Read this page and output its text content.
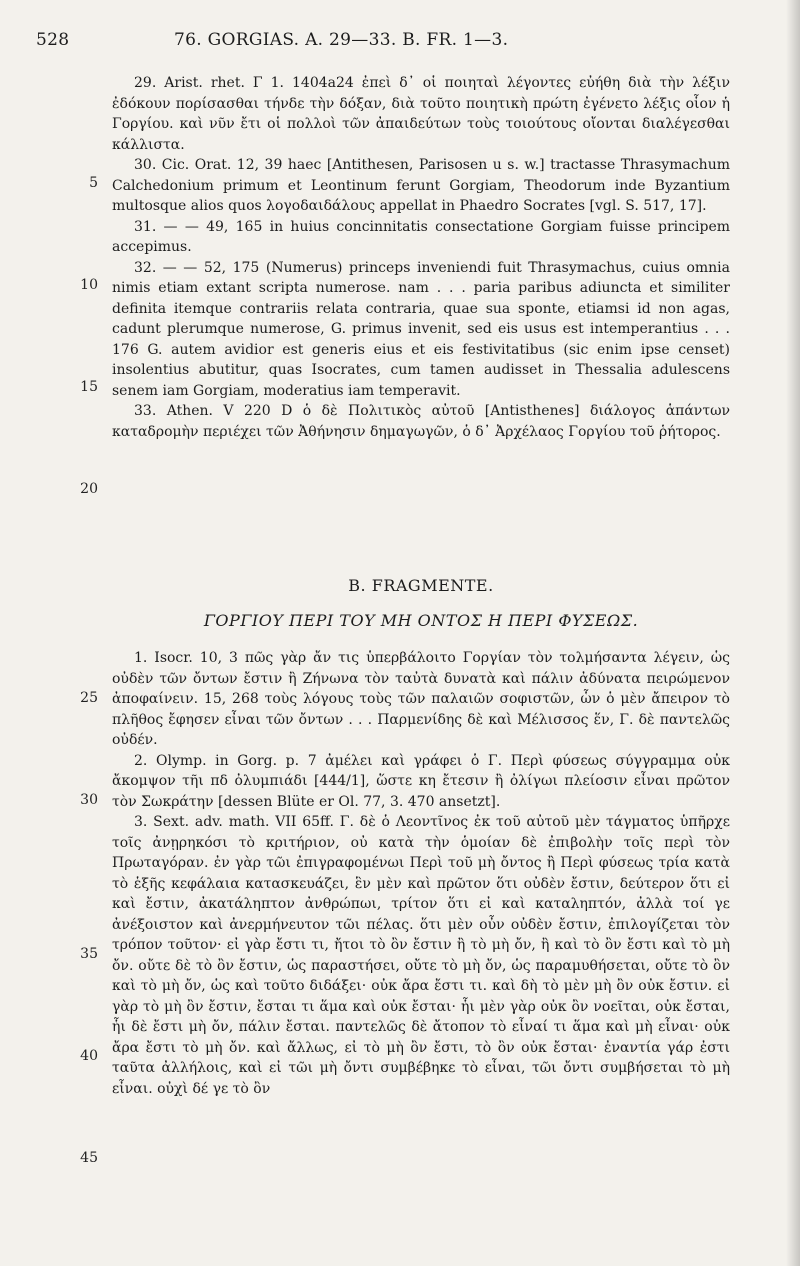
528	76. GORGIAS. A. 29—33. B. FR. 1—3.
5
10
15
20
25
30
35
40
45

29. Arist. rhet. Γ 1. 1404a24 ἐπεὶ δ᾽ οἱ ποιηταὶ λέγοντες εὐήθη διὰ τὴν λέξιν ἐδόκουν πορίσασθαι τήνδε τὴν δόξαν, διὰ τοῦτο ποιητικὴ πρώτη ἐγένετο λέξις οἷον ἡ Γοργίου. καὶ νῦν ἔτι οἱ πολλοὶ τῶν ἀπαιδεύτων τοὺς τοιούτους οἴονται διαλέγεσθαι κάλλιστα.

30. Cic. Orat. 12, 39 haec [Antithesen, Parisosen u s. w.] tractasse Thrasymachum Calchedonium primum et Leontinum ferunt Gorgiam, Theodorum inde Byzantium multosque alios quos λογοδαιδάλους appellat in Phaedro Socrates [vgl. S. 517, 17].

31. — — 49, 165 in huius concinnitatis consectatione Gorgiam fuisse principem accepimus.

32. — — 52, 175 (Numerus) princeps inveniendi fuit Thrasymachus, cuius omnia nimis etiam extant scripta numerose. nam . . . paria paribus adiuncta et similiter definita itemque contrariis relata contraria, quae sua sponte, etiamsi id non agas, cadunt plerumque numerose, G. primus invenit, sed eis usus est intemperantius . . . 176 G. autem avidior est generis eius et eis festivitatibus (sic enim ipse censet) insolentius abutitur, quas Isocrates, cum tamen audisset in Thessalia adulescens senem iam Gorgiam, moderatius iam temperavit.

33. Athen. V 220 D ὁ δὲ Πολιτικὸς αὐτοῦ [Antisthenes] διάλογος ἁπάντων καταδρομὴν περιέχει τῶν Ἀθήνησιν δημαγωγῶν, ὁ δ᾽ Ἀρχέλαος Γοργίου τοῦ ῥήτορος.

B. FRAGMENTE.
ΓΟΡΓΙΟΥ ΠΕΡΙ ΤΟΥ ΜΗ ΟΝΤΟΣ Η ΠΕΡΙ ΦΥΣΕΩΣ.

1. Isocr. 10, 3 πῶς γὰρ ἄν τις ὑπερβάλοιτο Γοργίαν τὸν τολμήσαντα λέγειν, ὡς οὐδὲν τῶν ὄντων ἔστιν ἢ Ζήνωνα τὸν ταὐτὰ δυνατὰ καὶ πάλιν ἀδύνατα πειρώμενον ἀποφαίνειν. 15, 268 τοὺς λόγους τοὺς τῶν παλαιῶν σοφιστῶν, ὧν ὁ μὲν ἄπειρον τὸ πλῆθος ἔφησεν εἶναι τῶν ὄντων . . . Παρμενίδης δὲ καὶ Μέλισσος ἕν, Γ. δὲ παντελῶς οὐδέν.

2. Olymp. in Gorg. p. 7 ἀμέλει καὶ γράφει ὁ Γ. Περὶ φύσεως σύγγραμμα οὐκ ἄκομψον τῆι πδ ὀλυμπιάδι [444/1], ὥστε κη ἔτεσιν ἢ ὀλίγωι πλείοσιν εἶναι πρῶτον τὸν Σωκράτην [dessen Blüte er Ol. 77, 3. 470 ansetzt].

3. Sext. adv. math. VII 65ff. Γ. δὲ ὁ Λεοντῖνος ἐκ τοῦ αὐτοῦ μὲν τάγματος ὑπῆρχε τοῖς ἀνῃρηκόσι τὸ κριτήριον, οὐ κατὰ τὴν ὁμοίαν δὲ ἐπιβολὴν τοῖς περὶ τὸν Πρωταγόραν. ἐν γὰρ τῶι ἐπιγραφομένωι Περὶ τοῦ μὴ ὄντος ἢ Περὶ φύσεως τρία κατὰ τὸ ἑξῆς κεφάλαια κατασκευάζει, ἓν μὲν καὶ πρῶτον ὅτι οὐδὲν ἔστιν, δεύτερον ὅτι εἰ καὶ ἔστιν, ἀκατάληπτον ἀνθρώπωι, τρίτον ὅτι εἰ καὶ καταληπτόν, ἀλλὰ τοί γε ἀνέξοιστον καὶ ἀνερμήνευτον τῶι πέλας. ὅτι μὲν οὖν οὐδὲν ἔστιν, ἐπιλογίζεται τὸν τρόπον τοῦτον· εἰ γὰρ ἔστι τι, ἤτοι τὸ ὂν ἔστιν ἢ τὸ μὴ ὄν, ἢ καὶ τὸ ὂν ἔστι καὶ τὸ μὴ ὄν. οὔτε δὲ τὸ ὂν ἔστιν, ὡς παραστήσει, οὔτε τὸ μὴ ὄν, ὡς παραμυθήσεται, οὔτε τὸ ὂν καὶ τὸ μὴ ὄν, ὡς καὶ τοῦτο διδάξει· οὐκ ἄρα ἔστι τι. καὶ δὴ τὸ μὲν μὴ ὂν οὐκ ἔστιν. εἰ γὰρ τὸ μὴ ὂν ἔστιν, ἔσται τι ἅμα καὶ οὐκ ἔσται· ἧι μὲν γὰρ οὐκ ὂν νοεῖται, οὐκ ἔσται, ἧι δὲ ἔστι μὴ ὄν, πάλιν ἔσται. παντελῶς δὲ ἄτοπον τὸ εἶναί τι ἅμα καὶ μὴ εἶναι· οὐκ ἄρα ἔστι τὸ μὴ ὄν. καὶ ἄλλως, εἰ τὸ μὴ ὂν ἔστι, τὸ ὂν οὐκ ἔσται· ἐναντία γάρ ἐστι ταῦτα ἀλλήλοις, καὶ εἰ τῶι μὴ ὄντι συμβέβηκε τὸ εἶναι, τῶι ὄντι συμβήσεται τὸ μὴ εἶναι. οὐχὶ δέ γε τὸ ὂν
